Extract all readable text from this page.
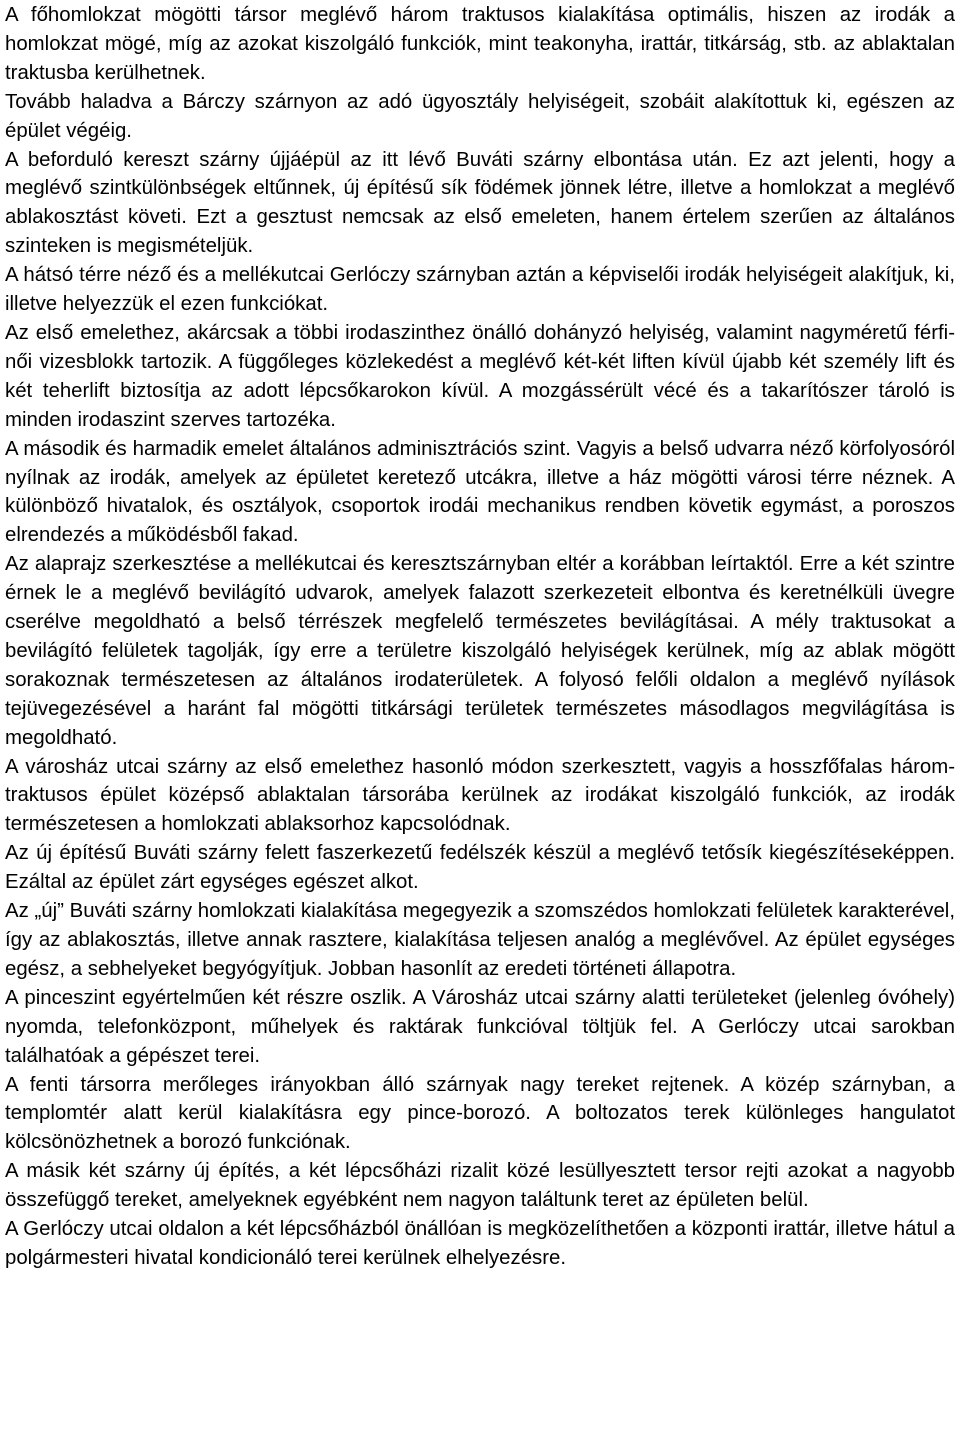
A főhomlokzat mögötti társor meglévő három traktusos kialakítása optimális, hiszen az irodák a homlokzat mögé, míg az azokat kiszolgáló funkciók, mint teakonyha, irattár, titkárság, stb. az ablaktalan traktusba kerülhetnek.

Tovább haladva a Bárczy szárnyon az adó ügyosztály helyiségeit, szobáit alakítottuk ki, egészen az épület végéig.

A beforduló kereszt szárny újjáépül az itt lévő Buváti szárny elbontása után. Ez azt jelenti, hogy a meglévő szintkülönbségek eltűnnek, új építésű sík födémek jönnek létre, illetve a homlokzat a meglévő ablakosztást követi. Ezt a gesztust nemcsak az első emeleten, hanem értelem szerűen az általános szinteken is megismételjük.

A hátsó térre néző és a mellékutcai Gerlóczy szárnyban aztán a képviselői irodák helyiségeit alakítjuk, ki, illetve helyezzük el ezen funkciókat.

Az első emelethez, akárcsak a többi irodaszinthez önálló dohányzó helyiség, valamint nagyméretű férfi-női vizesblokk tartozik. A függőleges közlekedést a meglévő két-két liften kívül újabb két személy lift és két teherlift biztosítja az adott lépcsőkarokon kívül. A mozgássérült vécé és a takarítószer tároló is minden irodaszint szerves tartozéka.

A második és harmadik emelet általános adminisztrációs szint. Vagyis a belső udvarra néző körfolyosóról nyílnak az irodák, amelyek az épületet keretező utcákra, illetve a ház mögötti városi térre néznek. A különböző hivatalok, és osztályok, csoportok irodái mechanikus rendben követik egymást, a poroszos elrendezés a működésből fakad.

Az alaprajz szerkesztése a mellékutcai és keresztszárnyban eltér a korábban leírtaktól. Erre a két szintre érnek le a meglévő bevilágító udvarok, amelyek falazott szerkezeteit elbontva és keretnélküli üvegre cserélve megoldható a belső térrészek megfelelő természetes bevilágításai. A mély traktusokat a bevilágító felületek tagolják, így erre a területre kiszolgáló helyiségek kerülnek, míg az ablak mögött sorakoznak természetesen az általános irodaterületek. A folyosó felőli oldalon a meglévő nyílások tejüvegezésével a haránt fal mögötti titkársági területek természetes másodlagos megvilágítása is megoldható.

A városház utcai szárny az első emelethez hasonló módon szerkesztett, vagyis a hosszfőfalas három-traktusos épület középső ablaktalan társorába kerülnek az irodákat kiszolgáló funkciók, az irodák természetesen a homlokzati ablaksorhoz kapcsolódnak.

Az új építésű Buváti szárny felett faszerkezetű fedélszék készül a meglévő tetősík kiegészítéseképpen. Ezáltal az épület zárt egységes egészet alkot.

Az „új” Buváti szárny homlokzati kialakítása megegyezik a szomszédos homlokzati felületek karakterével, így az ablakosztás, illetve annak rasztere, kialakítása teljesen analóg a meglévővel. Az épület egységes egész, a sebhelyeket begyógyítjuk. Jobban hasonlít az eredeti történeti állapotra.

A pinceszint egyértelműen két részre oszlik. A Városház utcai szárny alatti területeket (jelenleg óvóhely) nyomda, telefonközpont, műhelyek és raktárak funkcióval töltjük fel. A Gerlóczy utcai sarokban találhatóak a gépészet terei.

A fenti társorra merőleges irányokban álló szárnyak nagy tereket rejtenek. A közép szárnyban, a templomtér alatt kerül kialakításra egy pince-borozó. A boltozatos terek különleges hangulatot kölcsönözhetnek a borozó funkciónak.

A másik két szárny új építés, a két lépcsőházi rizalit közé lesüllyesztett tersor rejti azokat a nagyobb összefüggő tereket, amelyeknek egyébként nem nagyon találtunk teret az épületen belül.

A Gerlóczy utcai oldalon a két lépcsőházból önállóan is megközelíthetően a központi irattár, illetve hátul a polgármesteri hivatal kondicionáló terei kerülnek elhelyezésre.
